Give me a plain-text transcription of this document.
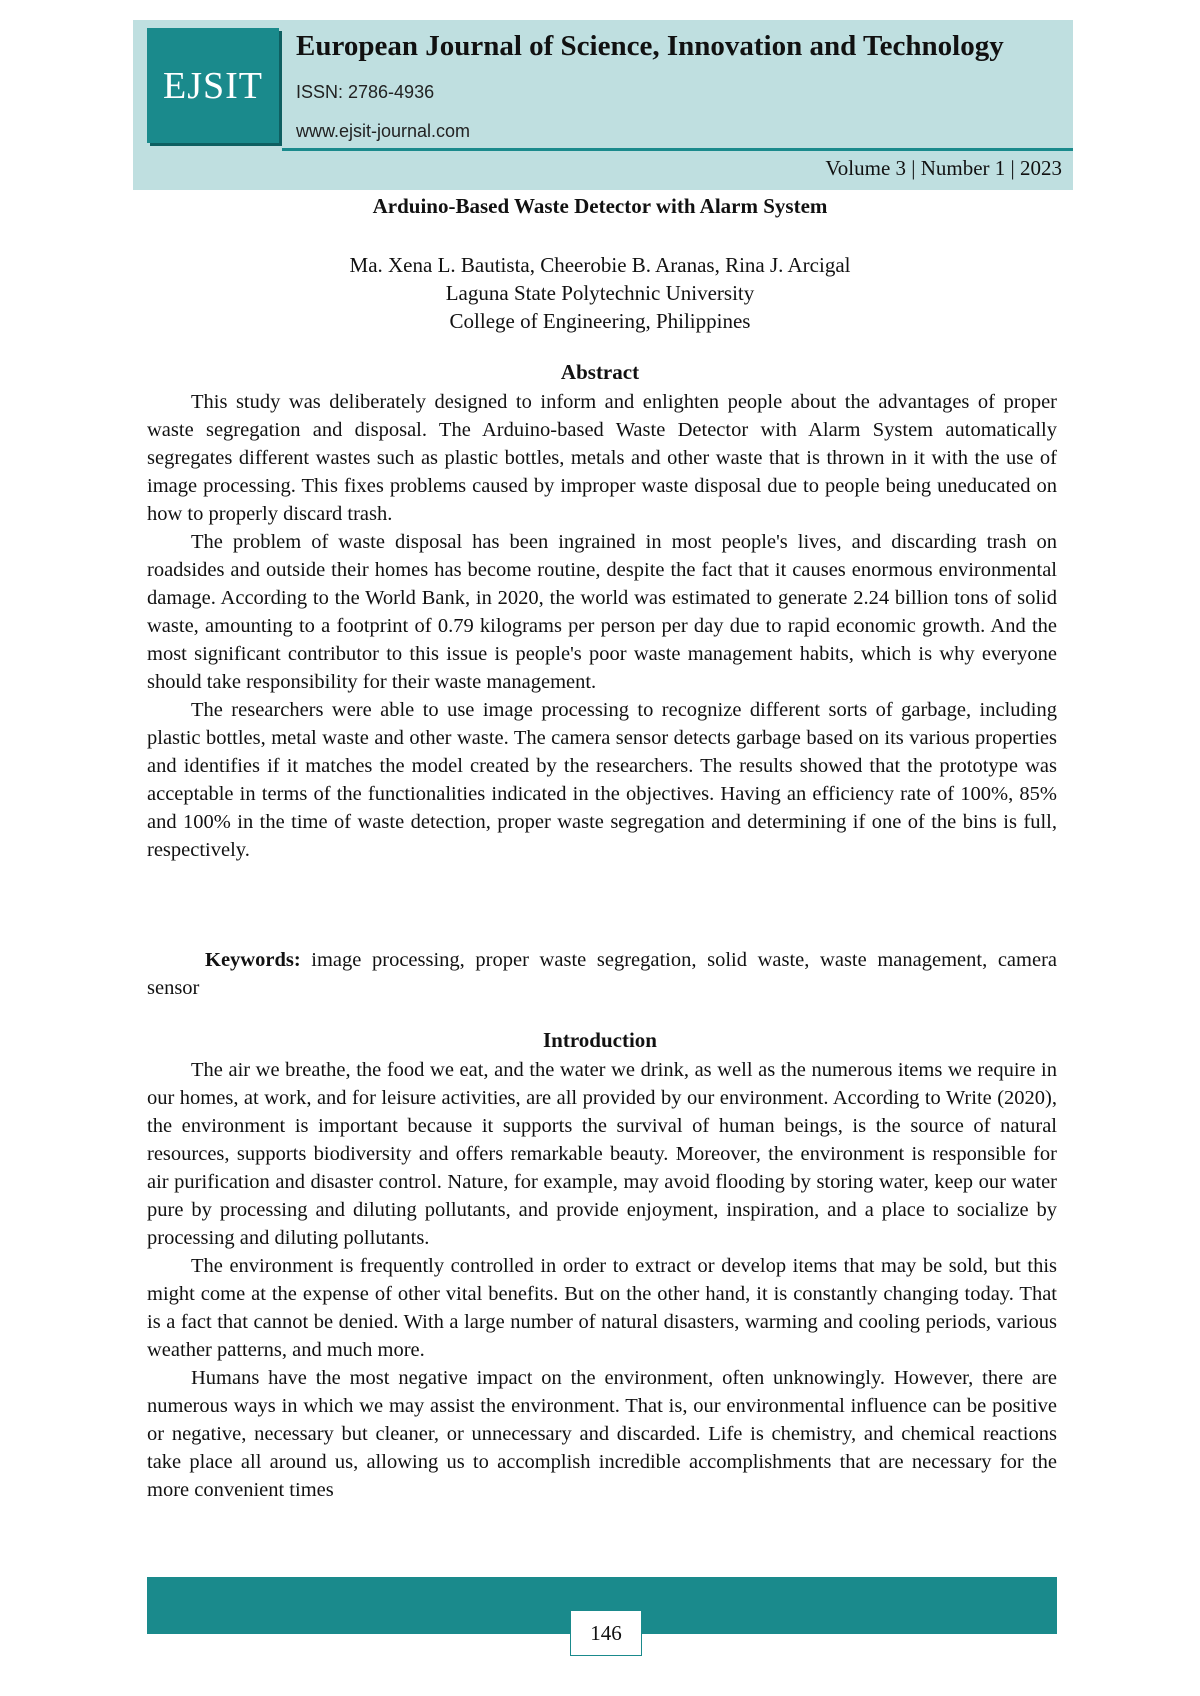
EJSIT
European Journal of Science, Innovation and Technology
ISSN: 2786-4936
www.ejsit-journal.com
Volume 3 | Number 1 | 2023
Arduino-Based Waste Detector with Alarm System
Ma. Xena L. Bautista, Cheerobie B. Aranas, Rina J. Arcigal
Laguna State Polytechnic University
College of Engineering, Philippines
Abstract

This study was deliberately designed to inform and enlighten people about the advantages of proper waste segregation and disposal. The Arduino-based Waste Detector with Alarm System automatically segregates different wastes such as plastic bottles, metals and other waste that is thrown in it with the use of image processing. This fixes problems caused by improper waste disposal due to people being uneducated on how to properly discard trash.

The problem of waste disposal has been ingrained in most people's lives, and discarding trash on roadsides and outside their homes has become routine, despite the fact that it causes enormous environmental damage. According to the World Bank, in 2020, the world was estimated to generate 2.24 billion tons of solid waste, amounting to a footprint of 0.79 kilograms per person per day due to rapid economic growth. And the most significant contributor to this issue is people's poor waste management habits, which is why everyone should take responsibility for their waste management.

The researchers were able to use image processing to recognize different sorts of garbage, including plastic bottles, metal waste and other waste. The camera sensor detects garbage based on its various properties and identifies if it matches the model created by the researchers. The results showed that the prototype was acceptable in terms of the functionalities indicated in the objectives. Having an efficiency rate of 100%, 85% and 100% in the time of waste detection, proper waste segregation and determining if one of the bins is full, respectively.

Keywords: image processing, proper waste segregation, solid waste, waste management, camera sensor
Introduction

The air we breathe, the food we eat, and the water we drink, as well as the numerous items we require in our homes, at work, and for leisure activities, are all provided by our environment. According to Write (2020), the environment is important because it supports the survival of human beings, is the source of natural resources, supports biodiversity and offers remarkable beauty. Moreover, the environment is responsible for air purification and disaster control. Nature, for example, may avoid flooding by storing water, keep our water pure by processing and diluting pollutants, and provide enjoyment, inspiration, and a place to socialize by processing and diluting pollutants.

The environment is frequently controlled in order to extract or develop items that may be sold, but this might come at the expense of other vital benefits. But on the other hand, it is constantly changing today. That is a fact that cannot be denied. With a large number of natural disasters, warming and cooling periods, various weather patterns, and much more.

Humans have the most negative impact on the environment, often unknowingly. However, there are numerous ways in which we may assist the environment. That is, our environmental influence can be positive or negative, necessary but cleaner, or unnecessary and discarded. Life is chemistry, and chemical reactions take place all around us, allowing us to accomplish incredible accomplishments that are necessary for the more convenient times

146
